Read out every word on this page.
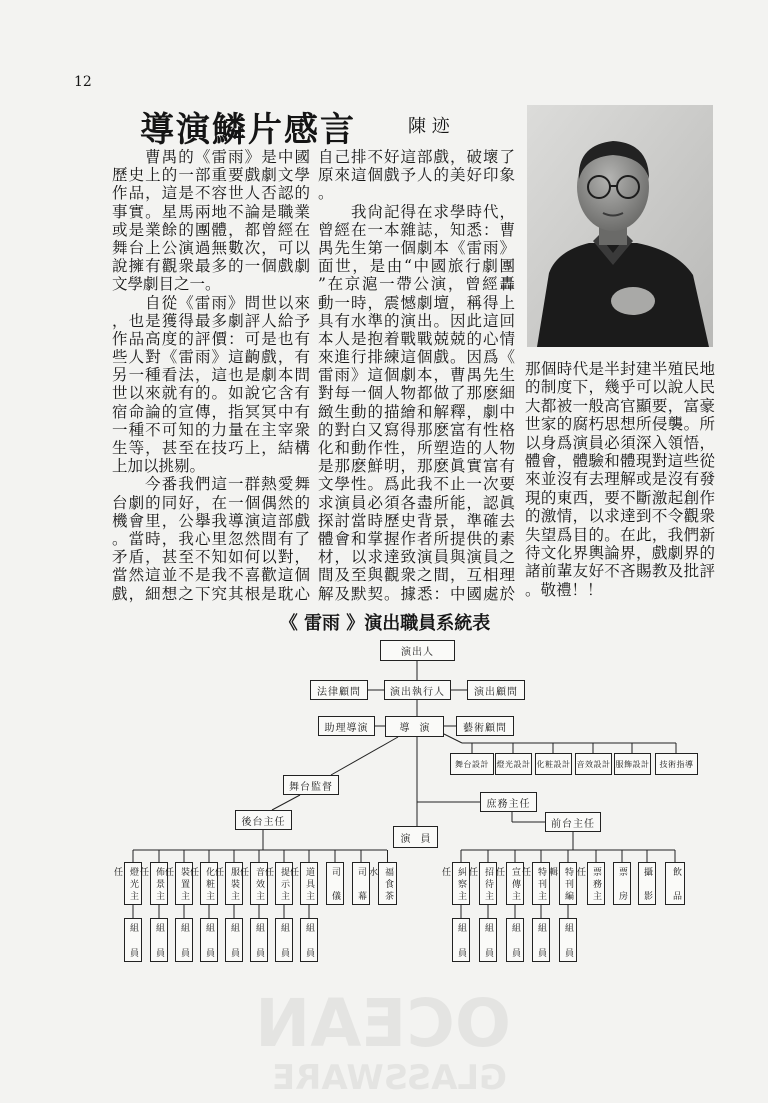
OCEAN
GLASSWARE
12
導演鱗片感言	陳 迹
曹禺的《雷雨》是中國
歷史上的一部重要戲劇文學
作品，這是不容世人否認的
事實。星馬兩地不論是職業
或是業餘的團體，都曾經在
舞台上公演過無數次，可以
說擁有觀衆最多的一個戲劇
文學劇目之一。
自從《雷雨》問世以來
，也是獲得最多劇評人給予
作品高度的評價：可是也有
些人對《雷雨》這齣戲，有
另一種看法，這也是劇本問
世以來就有的。如說它含有
宿命論的宣傳，指冥冥中有
一種不可知的力量在主宰衆
生等，甚至在技巧上，結構
上加以挑剔。
今番我們這一群熱愛舞
台劇的同好，在一個偶然的
機會里，公擧我導演這部戲
。當時，我心里忽然間有了
矛盾，甚至不知如何以對，
當然這並不是我不喜歡這個
戲，細想之下究其根是耽心
自己排不好這部戲，破壞了
原來這個戲予人的美好印象
。
我尙記得在求學時代，
曾經在一本雜誌，知悉：曹
禺先生第一個劇本《雷雨》
面世，是由“中國旅行劇團
”在京滬一帶公演，曾經轟
動一時，震憾劇壇，稱得上
具有水準的演出。因此這回
本人是抱着戰戰兢兢的心情
來進行排練這個戲。因爲《
雷雨》這個劇本，曹禺先生
對每一個人物都做了那麽細
緻生動的描繪和解釋，劇中
的對白又寫得那麽富有性格
化和動作性，所塑造的人物
是那麽鮮明，那麽眞實富有
文學性。爲此我不止一次要
求演員必須各盡所能，認眞
探討當時歷史背景，準確去
體會和掌握作者所提供的素
材，以求達致演員與演員之
間及至與觀衆之間，互相理
解及默契。據悉：中國處於
那個時代是半封建半殖民地
的制度下，幾乎可以說人民
大都被一般高官顯要，富豪
世家的腐朽思想所侵襲。所
以身爲演員必須深入領悟，
體會，體驗和體現對這些從
來並沒有去理解或是沒有發
現的東西，要不斷激起創作
的激情，以求達到不令觀衆
失望爲目的。在此，我們新
待文化界輿論界，戲劇界的
諸前輩友好不吝賜教及批評
。敬禮！！
《 雷雨 》演出職員系統表
演出人
法律顧問	演出執行人	演出顧問
助理導演	導演	藝術顧問
舞台設計 燈光設計 化粧設計 音效設計 服飾設計	技術指導
舞台監督
庶務主任
後台主任	前台主任
演員
燈光主任	佈景主任	裝置主任	化粧主任	服裝主任	音效主任	提示主任	道具主任	司儀	司幕	福食茶水	糾察主任	招待主任	宣傳主任	特刊主任	特刊編輯	票務主任	票房	攝影	飲品
組員	組員	組員	組員	組員	組員	組員	組員	組員	組員	組員	組員	組員
